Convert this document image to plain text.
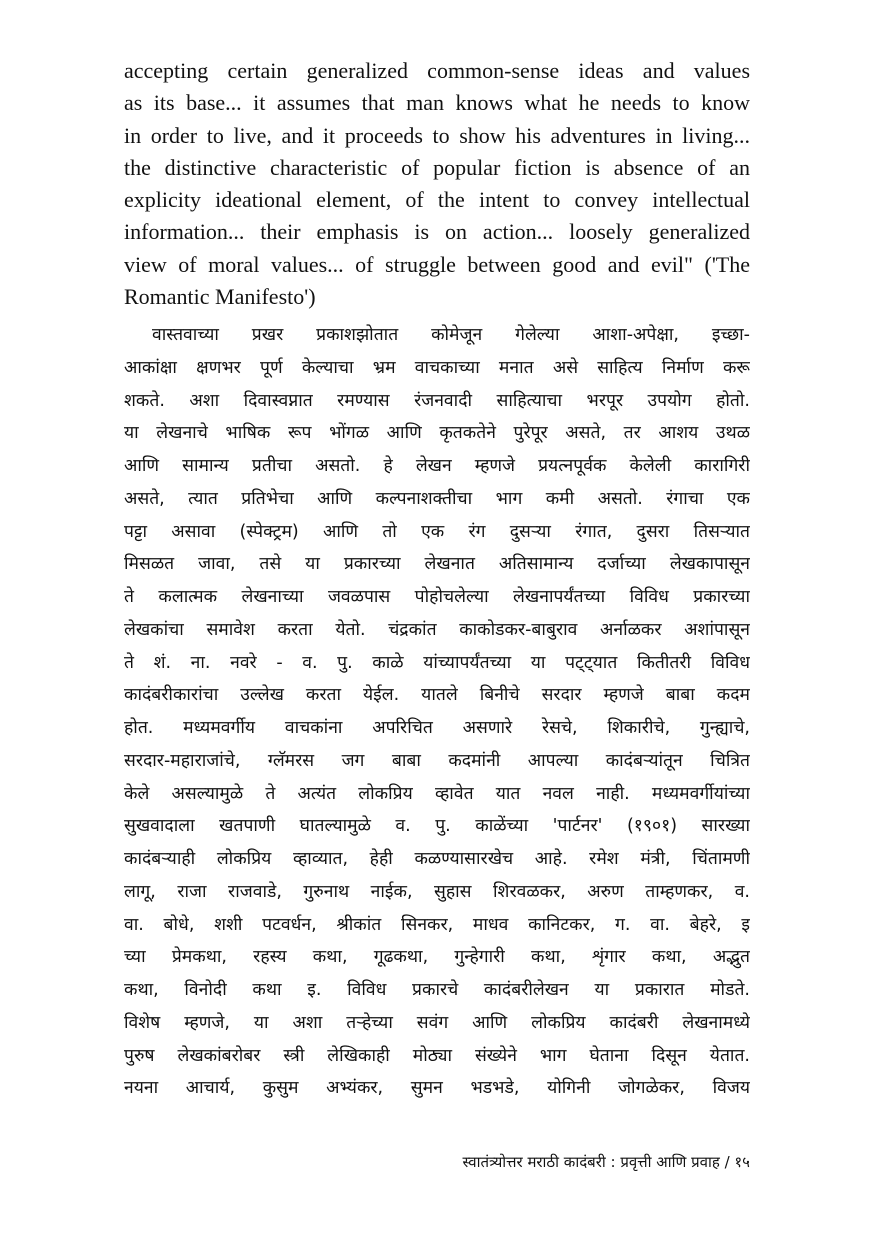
accepting certain generalized common-sense ideas and values
as its base... it assumes that man knows what he needs to know
in order to live, and it proceeds to show his adventures in living...
the distinctive characteristic of popular fiction is absence of an
explicity ideational element, of the intent to convey intellectual
information... their emphasis is on action... loosely generalized
view of moral values... of struggle between good and evil" ('The
Romantic Manifesto')
वास्तवाच्या प्रखर प्रकाशझोतात कोमेजून गेलेल्या आशा-अपेक्षा, इच्छा-
आकांक्षा क्षणभर पूर्ण केल्याचा भ्रम वाचकाच्या मनात असे साहित्य निर्माण करू
शकते. अशा दिवास्वप्नात रमण्यास रंजनवादी साहित्याचा भरपूर उपयोग होतो.
या लेखनाचे भाषिक रूप भोंगळ आणि कृतकतेने पुरेपूर असते, तर आशय उथळ
आणि सामान्य प्रतीचा असतो. हे लेखन म्हणजे प्रयत्नपूर्वक केलेली कारागिरी
असते, त्यात प्रतिभेचा आणि कल्पनाशक्तीचा भाग कमी असतो. रंगाचा एक
पट्टा असावा (स्पेक्ट्रम) आणि तो एक रंग दुसऱ्या रंगात, दुसरा तिसऱ्यात
मिसळत जावा, तसे या प्रकारच्या लेखनात अतिसामान्य दर्जाच्या लेखकापासून
ते कलात्मक लेखनाच्या जवळपास पोहोचलेल्या लेखनापर्यंतच्या विविध प्रकारच्या
लेखकांचा समावेश करता येतो. चंद्रकांत काकोडकर-बाबुराव अर्नाळकर अशांपासून
ते शं. ना. नवरे - व. पु. काळे यांच्यापर्यंतच्या या पट्ट्यात कितीतरी विविध
कादंबरीकारांचा उल्लेख करता येईल. यातले बिनीचे सरदार म्हणजे बाबा कदम
होत. मध्यमवर्गीय वाचकांना अपरिचित असणारे रेसचे, शिकारीचे, गुन्ह्याचे,
सरदार-महाराजांचे, ग्लॅमरस जग बाबा कदमांनी आपल्या कादंबऱ्यांतून चित्रित
केले असल्यामुळे ते अत्यंत लोकप्रिय व्हावेत यात नवल नाही. मध्यमवर्गीयांच्या
सुखवादाला खतपाणी घातल्यामुळे व. पु. काळेंच्या 'पार्टनर' (१९०१) सारख्या
कादंबऱ्याही लोकप्रिय व्हाव्यात, हेही कळण्यासारखेच आहे. रमेश मंत्री, चिंतामणी
लागू, राजा राजवाडे, गुरुनाथ नाईक, सुहास शिरवळकर, अरुण ताम्हणकर, व.
वा. बोधे, शशी पटवर्धन, श्रीकांत सिनकर, माधव कानिटकर, ग. वा. बेहरे, इ
च्या प्रेमकथा, रहस्य कथा, गूढकथा, गुन्हेगारी कथा, शृंगार कथा, अद्भुत
कथा, विनोदी कथा इ. विविध प्रकारचे कादंबरीलेखन या प्रकारात मोडते.
विशेष म्हणजे, या अशा तऱ्हेच्या सवंग आणि लोकप्रिय कादंबरी लेखनामध्ये
पुरुष लेखकांबरोबर स्त्री लेखिकाही मोठ्या संख्येने भाग घेताना दिसून येतात.
नयना आचार्य, कुसुम अभ्यंकर, सुमन भडभडे, योगिनी जोगळेकर, विजय
स्वातंत्र्योत्तर मराठी कादंबरी : प्रवृत्ती आणि प्रवाह / १५
